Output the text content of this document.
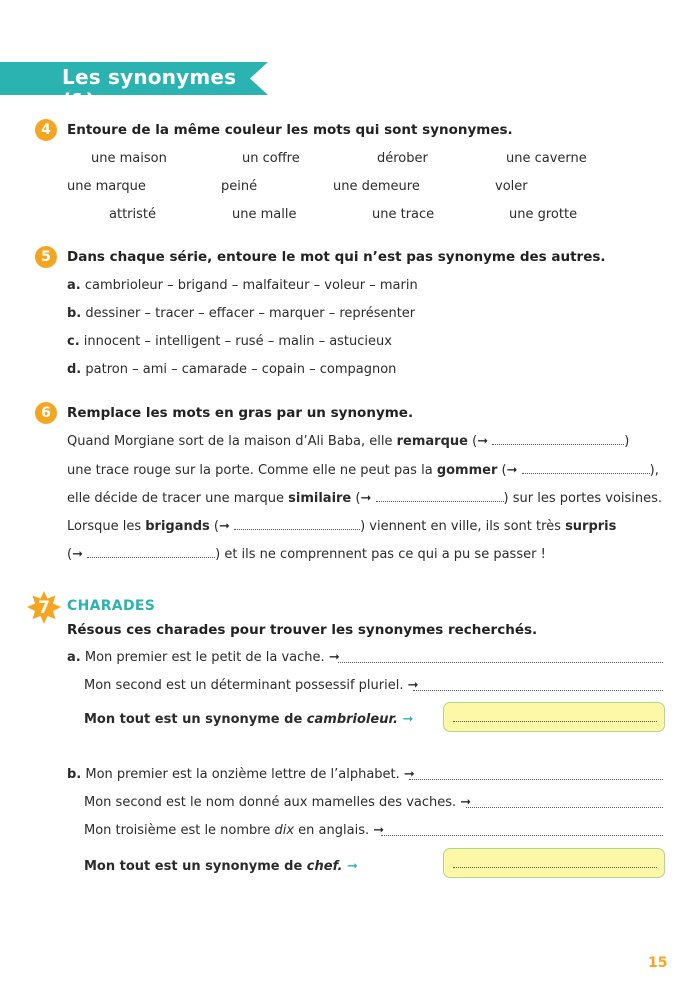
Les synonymes (1)
4	Entoure de la même couleur les mots qui sont synonymes.
une maison	un coffre	dérober	une caverne
une marque	peiné	une demeure	voler
attristé	une malle	une trace	une grotte
5	Dans chaque série, entoure le mot qui n’est pas synonyme des autres.
a. cambrioleur – brigand – malfaiteur – voleur – marin
b. dessiner – tracer – effacer – marquer – représenter
c. innocent – intelligent – rusé – malin – astucieux
d. patron – ami – camarade – copain – compagnon
6	Remplace les mots en gras par un synonyme.
Quand Morgiane sort de la maison d’Ali Baba, elle remarque (➞	)
une trace rouge sur la porte. Comme elle ne peut pas la gommer (➞	),
elle décide de tracer une marque similaire (➞	) sur les portes voisines.
Lorsque les brigands (➞	) viennent en ville, ils sont très surpris
(➞	) et ils ne comprennent pas ce qui a pu se passer !
7	CHARADES
Résous ces charades pour trouver les synonymes recherchés.
a. Mon premier est le petit de la vache. ➞
Mon second est un déterminant possessif pluriel. ➞
Mon tout est un synonyme de cambrioleur. ➞
b. Mon premier est la onzième lettre de l’alphabet. ➞
Mon second est le nom donné aux mamelles des vaches. ➞
Mon troisième est le nombre dix en anglais. ➞
Mon tout est un synonyme de chef. ➞
15
